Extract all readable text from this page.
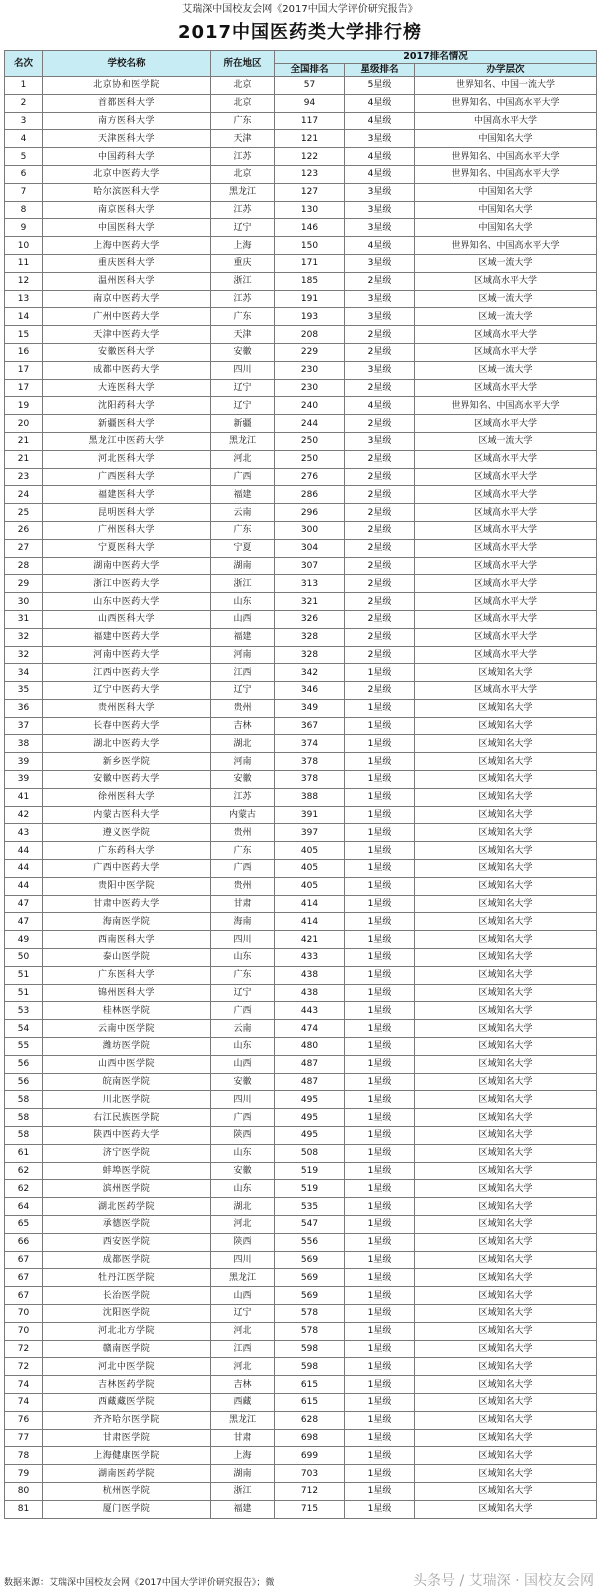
艾瑞深中国校友会网《2017中国大学评价研究报告》
2017中国医药类大学排行榜
名次	学校名称	所在地区	2017排名情况		
			全国排名	星级排名	办学层次
1	北京协和医学院	北京	57	5星级	世界知名、中国一流大学
2	首都医科大学	北京	94	4星级	世界知名、中国高水平大学
3	南方医科大学	广东	117	4星级	中国高水平大学
4	天津医科大学	天津	121	3星级	中国知名大学
5	中国药科大学	江苏	122	4星级	世界知名、中国高水平大学
6	北京中医药大学	北京	123	4星级	世界知名、中国高水平大学
7	哈尔滨医科大学	黑龙江	127	3星级	中国知名大学
8	南京医科大学	江苏	130	3星级	中国知名大学
9	中国医科大学	辽宁	146	3星级	中国知名大学
10	上海中医药大学	上海	150	4星级	世界知名、中国高水平大学
11	重庆医科大学	重庆	171	3星级	区域一流大学
12	温州医科大学	浙江	185	2星级	区域高水平大学
13	南京中医药大学	江苏	191	3星级	区域一流大学
14	广州中医药大学	广东	193	3星级	区域一流大学
15	天津中医药大学	天津	208	2星级	区域高水平大学
16	安徽医科大学	安徽	229	2星级	区域高水平大学
17	成都中医药大学	四川	230	3星级	区域一流大学
17	大连医科大学	辽宁	230	2星级	区域高水平大学
19	沈阳药科大学	辽宁	240	4星级	世界知名、中国高水平大学
20	新疆医科大学	新疆	244	2星级	区域高水平大学
21	黑龙江中医药大学	黑龙江	250	3星级	区域一流大学
21	河北医科大学	河北	250	2星级	区域高水平大学
23	广西医科大学	广西	276	2星级	区域高水平大学
24	福建医科大学	福建	286	2星级	区域高水平大学
25	昆明医科大学	云南	296	2星级	区域高水平大学
26	广州医科大学	广东	300	2星级	区域高水平大学
27	宁夏医科大学	宁夏	304	2星级	区域高水平大学
28	湖南中医药大学	湖南	307	2星级	区域高水平大学
29	浙江中医药大学	浙江	313	2星级	区域高水平大学
30	山东中医药大学	山东	321	2星级	区域高水平大学
31	山西医科大学	山西	326	2星级	区域高水平大学
32	福建中医药大学	福建	328	2星级	区域高水平大学
32	河南中医药大学	河南	328	2星级	区域高水平大学
34	江西中医药大学	江西	342	1星级	区域知名大学
35	辽宁中医药大学	辽宁	346	2星级	区域高水平大学
36	贵州医科大学	贵州	349	1星级	区域知名大学
37	长春中医药大学	吉林	367	1星级	区域知名大学
38	湖北中医药大学	湖北	374	1星级	区域知名大学
39	新乡医学院	河南	378	1星级	区域知名大学
39	安徽中医药大学	安徽	378	1星级	区域知名大学
41	徐州医科大学	江苏	388	1星级	区域知名大学
42	内蒙古医科大学	内蒙古	391	1星级	区域知名大学
43	遵义医学院	贵州	397	1星级	区域知名大学
44	广东药科大学	广东	405	1星级	区域知名大学
44	广西中医药大学	广西	405	1星级	区域知名大学
44	贵阳中医学院	贵州	405	1星级	区域知名大学
47	甘肃中医药大学	甘肃	414	1星级	区域知名大学
47	海南医学院	海南	414	1星级	区域知名大学
49	西南医科大学	四川	421	1星级	区域知名大学
50	泰山医学院	山东	433	1星级	区域知名大学
51	广东医科大学	广东	438	1星级	区域知名大学
51	锦州医科大学	辽宁	438	1星级	区域知名大学
53	桂林医学院	广西	443	1星级	区域知名大学
54	云南中医学院	云南	474	1星级	区域知名大学
55	潍坊医学院	山东	480	1星级	区域知名大学
56	山西中医学院	山西	487	1星级	区域知名大学
56	皖南医学院	安徽	487	1星级	区域知名大学
58	川北医学院	四川	495	1星级	区域知名大学
58	右江民族医学院	广西	495	1星级	区域知名大学
58	陕西中医药大学	陕西	495	1星级	区域知名大学
61	济宁医学院	山东	508	1星级	区域知名大学
62	蚌埠医学院	安徽	519	1星级	区域知名大学
62	滨州医学院	山东	519	1星级	区域知名大学
64	湖北医药学院	湖北	535	1星级	区域知名大学
65	承德医学院	河北	547	1星级	区域知名大学
66	西安医学院	陕西	556	1星级	区域知名大学
67	成都医学院	四川	569	1星级	区域知名大学
67	牡丹江医学院	黑龙江	569	1星级	区域知名大学
67	长治医学院	山西	569	1星级	区域知名大学
70	沈阳医学院	辽宁	578	1星级	区域知名大学
70	河北北方学院	河北	578	1星级	区域知名大学
72	赣南医学院	江西	598	1星级	区域知名大学
72	河北中医学院	河北	598	1星级	区域知名大学
74	吉林医药学院	吉林	615	1星级	区域知名大学
74	西藏藏医学院	西藏	615	1星级	区域知名大学
76	齐齐哈尔医学院	黑龙江	628	1星级	区域知名大学
77	甘肃医学院	甘肃	698	1星级	区域知名大学
78	上海健康医学院	上海	699	1星级	区域知名大学
79	湖南医药学院	湖南	703	1星级	区域知名大学
80	杭州医学院	浙江	712	1星级	区域知名大学
81	厦门医学院	福建	715	1星级	区域知名大学
数据来源：艾瑞深中国校友会网《2017中国大学评价研究报告》；微	头条号 / 艾瑞深 · 国校友会网
